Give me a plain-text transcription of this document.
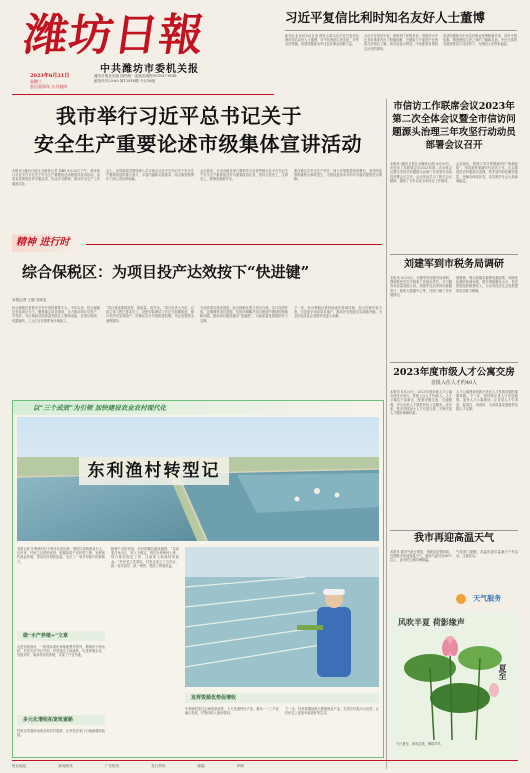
潍坊日報
中共潍坊市委机关报
2023年6月21日
星期三
农历癸卯年 五月初四
潍坊日报社出版 国内统一连续出版物号CN37-0041
邮发代号23-60 第12918期 今日16版
习近平复信比利时知名友好人士董博
新华社北京6月20日电 国家主席习近平近日复信比利时知名友好人士董博，对中比两国人民友谊、对华友好感谢，希望他继续为中比友好事业贡献力量。
习近平在复信中说，我收到了你的来信，得知你为中比友好事业作出了积极贡献，长期致力于促进中比两国人民相互了解，我对此表示赞赏。中比都是有着悠久历史的国家。
希望你继续为中比友好事业发挥积极作用，讲好中国故事，增进两国人民之间的了解和友谊。中比关系的发展需要双方共同努力，为两国人民带来福祉。
我市举行习近平总书记关于
安全生产重要论述市级集体宣讲活动
本报讯 (潍坊日报社全媒体记者 刘峰) 6月20日下午，我市举行习近平总书记关于安全生产重要论述市级集体宣讲活动，省委宣讲团成员作专题宣讲，传达学习精神，推动安全生产工作落到实处。
会上，宣讲团成员围绕深入学习领会习近平总书记关于安全生产重要论述的重大意义、丰富内涵和实践要求，结合典型案例作了深入浅出的讲解。
会议要求，全市各级各部门要把学习宣传贯彻习近平总书记关于安全生产重要论述作为重要政治任务，坚持人民至上、生命至上，统筹发展和安全。
要压紧压实安全生产责任，深入开展隐患排查整治，坚决防范遏制重特大事故发生，为建设更高水平的平安潍坊提供坚实保障。
市信访工作联席会议2023年第二次全体会议暨全市信访问题源头治理三年攻坚行动动员部署会议召开
本报讯 (潍坊日报社全媒体记者) 6月20日，市信访工作联席会议2023年第二次全体会议暨全市信访问题源头治理三年攻坚行动动员部署会议召开。会议传达学习了相关会议精神，通报了今年以来全市信访工作情况。
会议指出，要深入学习贯彻新时代“枫桥经验”，坚持和发展新时代信访工作，扎实推进信访问题源头治理，把矛盾纠纷化解在基层、化解在萌芽状态，切实维护社会大局和谐稳定。
精神 进行时
综合保税区：为项目投产达效按下“快进键”
本报记者 王晓 刘家忠
综合保税区是我市对外开放的重要平台。今年以来，综合保税区坚持项目为王，聚焦重点项目建设，全力推动项目早投产、早见效，为区域经济高质量发展注入强劲动能。在项目现场，机器轰鸣，工人们正在紧张有序地施工。
“项目建设要抓进度、抓质量、抓安全。”项目负责人介绍，目前主体工程已基本完工，设备安装调试工作正在加紧推进，预计年内可实现投产。综保区实行专班推进机制，为企业提供全流程服务。
为加快项目建设进度，综合保税区建立项目台账，实行挂图作战，定期调度项目进展，及时协调解决项目建设中遇到的困难和问题，推动项目建设跑出“加速度”，为高质量发展提供有力支撑。
下一步，综合保税区将持续优化营商环境，加大招商引资力度，引进更多优质项目落户，推动开放型经济实现新突破，为全市经济社会发展作出更大贡献。
刘建军到市税务局调研
本报讯 6月20日，刘建军到市税务局调研，强调要坚决扛牢税收工作政治责任，全力服务高质量发展大局。刘建军先后来到办税服务厅、税收大数据中心等，详细了解工作开展情况。
他强调，要认真落实税费优惠政策，持续优化税收营商环境，提升纳税服务水平，依法依规组织税费收入，为全市经济社会发展提供坚实财力保障。
以“三个成效”为引领 加快建设农业农村现代化
东利渔村转型记
本报记者 东利渔村位于我市北部沿海，曾经以传统渔业为主。近年来，村里立足资源优势，积极探索产业转型之路，发展现代渔业养殖，带动村民增收致富，走出了一条乡村振兴的新路子。
做“水产养殖+”文章
走进东利渔村，一排排标准化养殖池整齐排列，增氧机不停运转。村党支部书记介绍，村里通过土地流转，引进养殖企业，发展对虾、海参等高效养殖，实现了产业升级。
多元化增收拓宽致富路
村里还发展休闲渔业和乡村旅游，让村民在家门口就能增收致富。
随着产业的发展，村民的腰包越来越鼓。“以前靠打鱼为生，收入不稳定，现在在养殖场上班，每月都有固定工资，还能拿土地流转的租金。”村民老王笑着说。村里还成立了合作社，统一技术指导、统一销售，提高了养殖效益。
发挥资源优势促增收
东利渔村依托沿海资源优势，大力发展特色产业，推动一二三产业融合发展，村集体收入逐年增加。
下一步，村里将继续做大做强渔业产业，打造乡村振兴示范村，让村民过上更加幸福美好的生活。
2023年度市级人才公寓交房
首批入住人才约40人
本报讯 6月20日，2023年度市级人才公寓交房仪式举行，首批入住人才约40人。人才公寓位于高新区，配套设施完善，交通便利，可为各类人才提供拎包入住服务。近年来，我市持续加大人才引进力度，不断完善人才服务保障体系。
人才公寓建设是我市优化人才发展环境的重要举措。下一步，将持续完善人才安居政策，加快人才公寓建设，让各类人才引得进、留得住、用得好，为高质量发展提供坚强人才支撑。
我市再迎高温天气
本报讯 据市气象台预报，受暖高压脊影响，近期我市再迎高温天气，最高气温可达36℃以上，请市民注意防暑降温。
气象部门提醒，高温时段尽量减少户外活动，注意饮水。
天气服务
风吹半夏 荷影缘声
夏至
今日夏至，荷风送爽，蝉鸣声声。
报社地址	新闻热线	广告热线	发行热线	邮编	印刷
